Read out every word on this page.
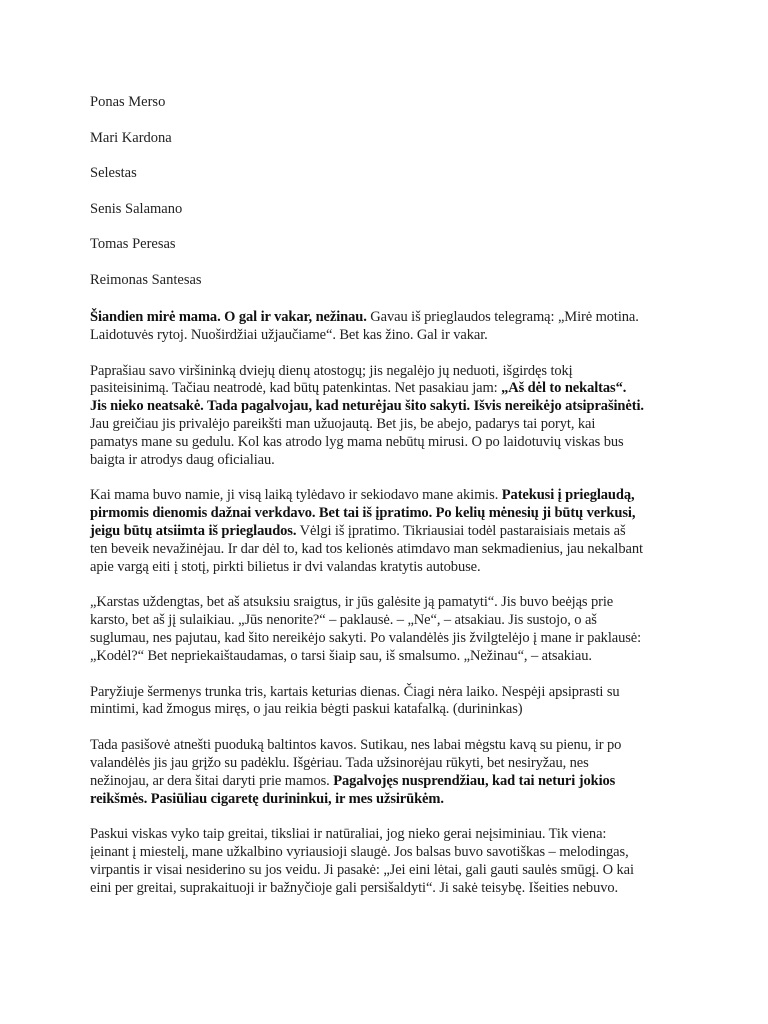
Ponas Merso

Mari Kardona

Selestas

Senis Salamano

Tomas Peresas

Reimonas Santesas

Šiandien mirė mama. O gal ir vakar, nežinau. Gavau iš prieglaudos telegramą: „Mirė motina.
Laidotuvės rytoj. Nuoširdžiai užjaučiame“. Bet kas žino. Gal ir vakar.

Paprašiau savo viršininką dviejų dienų atostogų; jis negalėjo jų neduoti, išgirdęs tokį
pasiteisinimą. Tačiau neatrodė, kad būtų patenkintas. Net pasakiau jam: „Aš dėl to nekaltas“.
Jis nieko neatsakė. Tada pagalvojau, kad neturėjau šito sakyti. Išvis nereikėjo atsiprašinėti.
Jau greičiau jis privalėjo pareikšti man užuojautą. Bet jis, be abejo, padarys tai poryt, kai
pamatys mane su gedulu. Kol kas atrodo lyg mama nebūtų mirusi. O po laidotuvių viskas bus
baigta ir atrodys daug oficialiau.

Kai mama buvo namie, ji visą laiką tylėdavo ir sekiodavo mane akimis. Patekusi į prieglaudą,
pirmomis dienomis dažnai verkdavo. Bet tai iš įpratimo. Po kelių mėnesių ji būtų verkusi,
jeigu būtų atsiimta iš prieglaudos. Vėlgi iš įpratimo. Tikriausiai todėl pastaraisiais metais aš
ten beveik nevažinėjau. Ir dar dėl to, kad tos kelionės atimdavo man sekmadienius, jau nekalbant
apie vargą eiti į stotį, pirkti bilietus ir dvi valandas kratytis autobuse.

„Karstas uždengtas, bet aš atsuksiu sraigtus, ir jūs galėsite ją pamatyti“. Jis buvo beėjąs prie
karsto, bet aš jį sulaikiau. „Jūs nenorite?“ – paklausė. – „Ne“, – atsakiau. Jis sustojo, o aš
suglumau, nes pajutau, kad šito nereikėjo sakyti. Po valandėlės jis žvilgtelėjo į mane ir paklausė:
„Kodėl?“ Bet nepriekaištaudamas, o tarsi šiaip sau, iš smalsumo. „Nežinau“, – atsakiau.

Paryžiuje šermenys trunka tris, kartais keturias dienas. Čiagi nėra laiko. Nespėji apsiprasti su
mintimi, kad žmogus miręs, o jau reikia bėgti paskui katafalką. (durininkas)

Tada pasišovė atnešti puoduką baltintos kavos. Sutikau, nes labai mėgstu kavą su pienu, ir po
valandėlės jis jau grįžo su padėklu. Išgėriau. Tada užsinorėjau rūkyti, bet nesiryžau, nes
nežinojau, ar dera šitai daryti prie mamos. Pagalvojęs nusprendžiau, kad tai neturi jokios
reikšmės. Pasiūliau cigaretę durininkui, ir mes užsirūkėm.

Paskui viskas vyko taip greitai, tiksliai ir natūraliai, jog nieko gerai neįsiminiau. Tik viena:
įeinant į miestelį, mane užkalbino vyriausioji slaugė. Jos balsas buvo savotiškas – melodingas,
virpantis ir visai nesiderino su jos veidu. Ji pasakė: „Jei eini lėtai, gali gauti saulės smūgį. O kai
eini per greitai, suprakaituoji ir bažnyčioje gali persišaldyti“. Ji sakė teisybę. Išeities nebuvo.
